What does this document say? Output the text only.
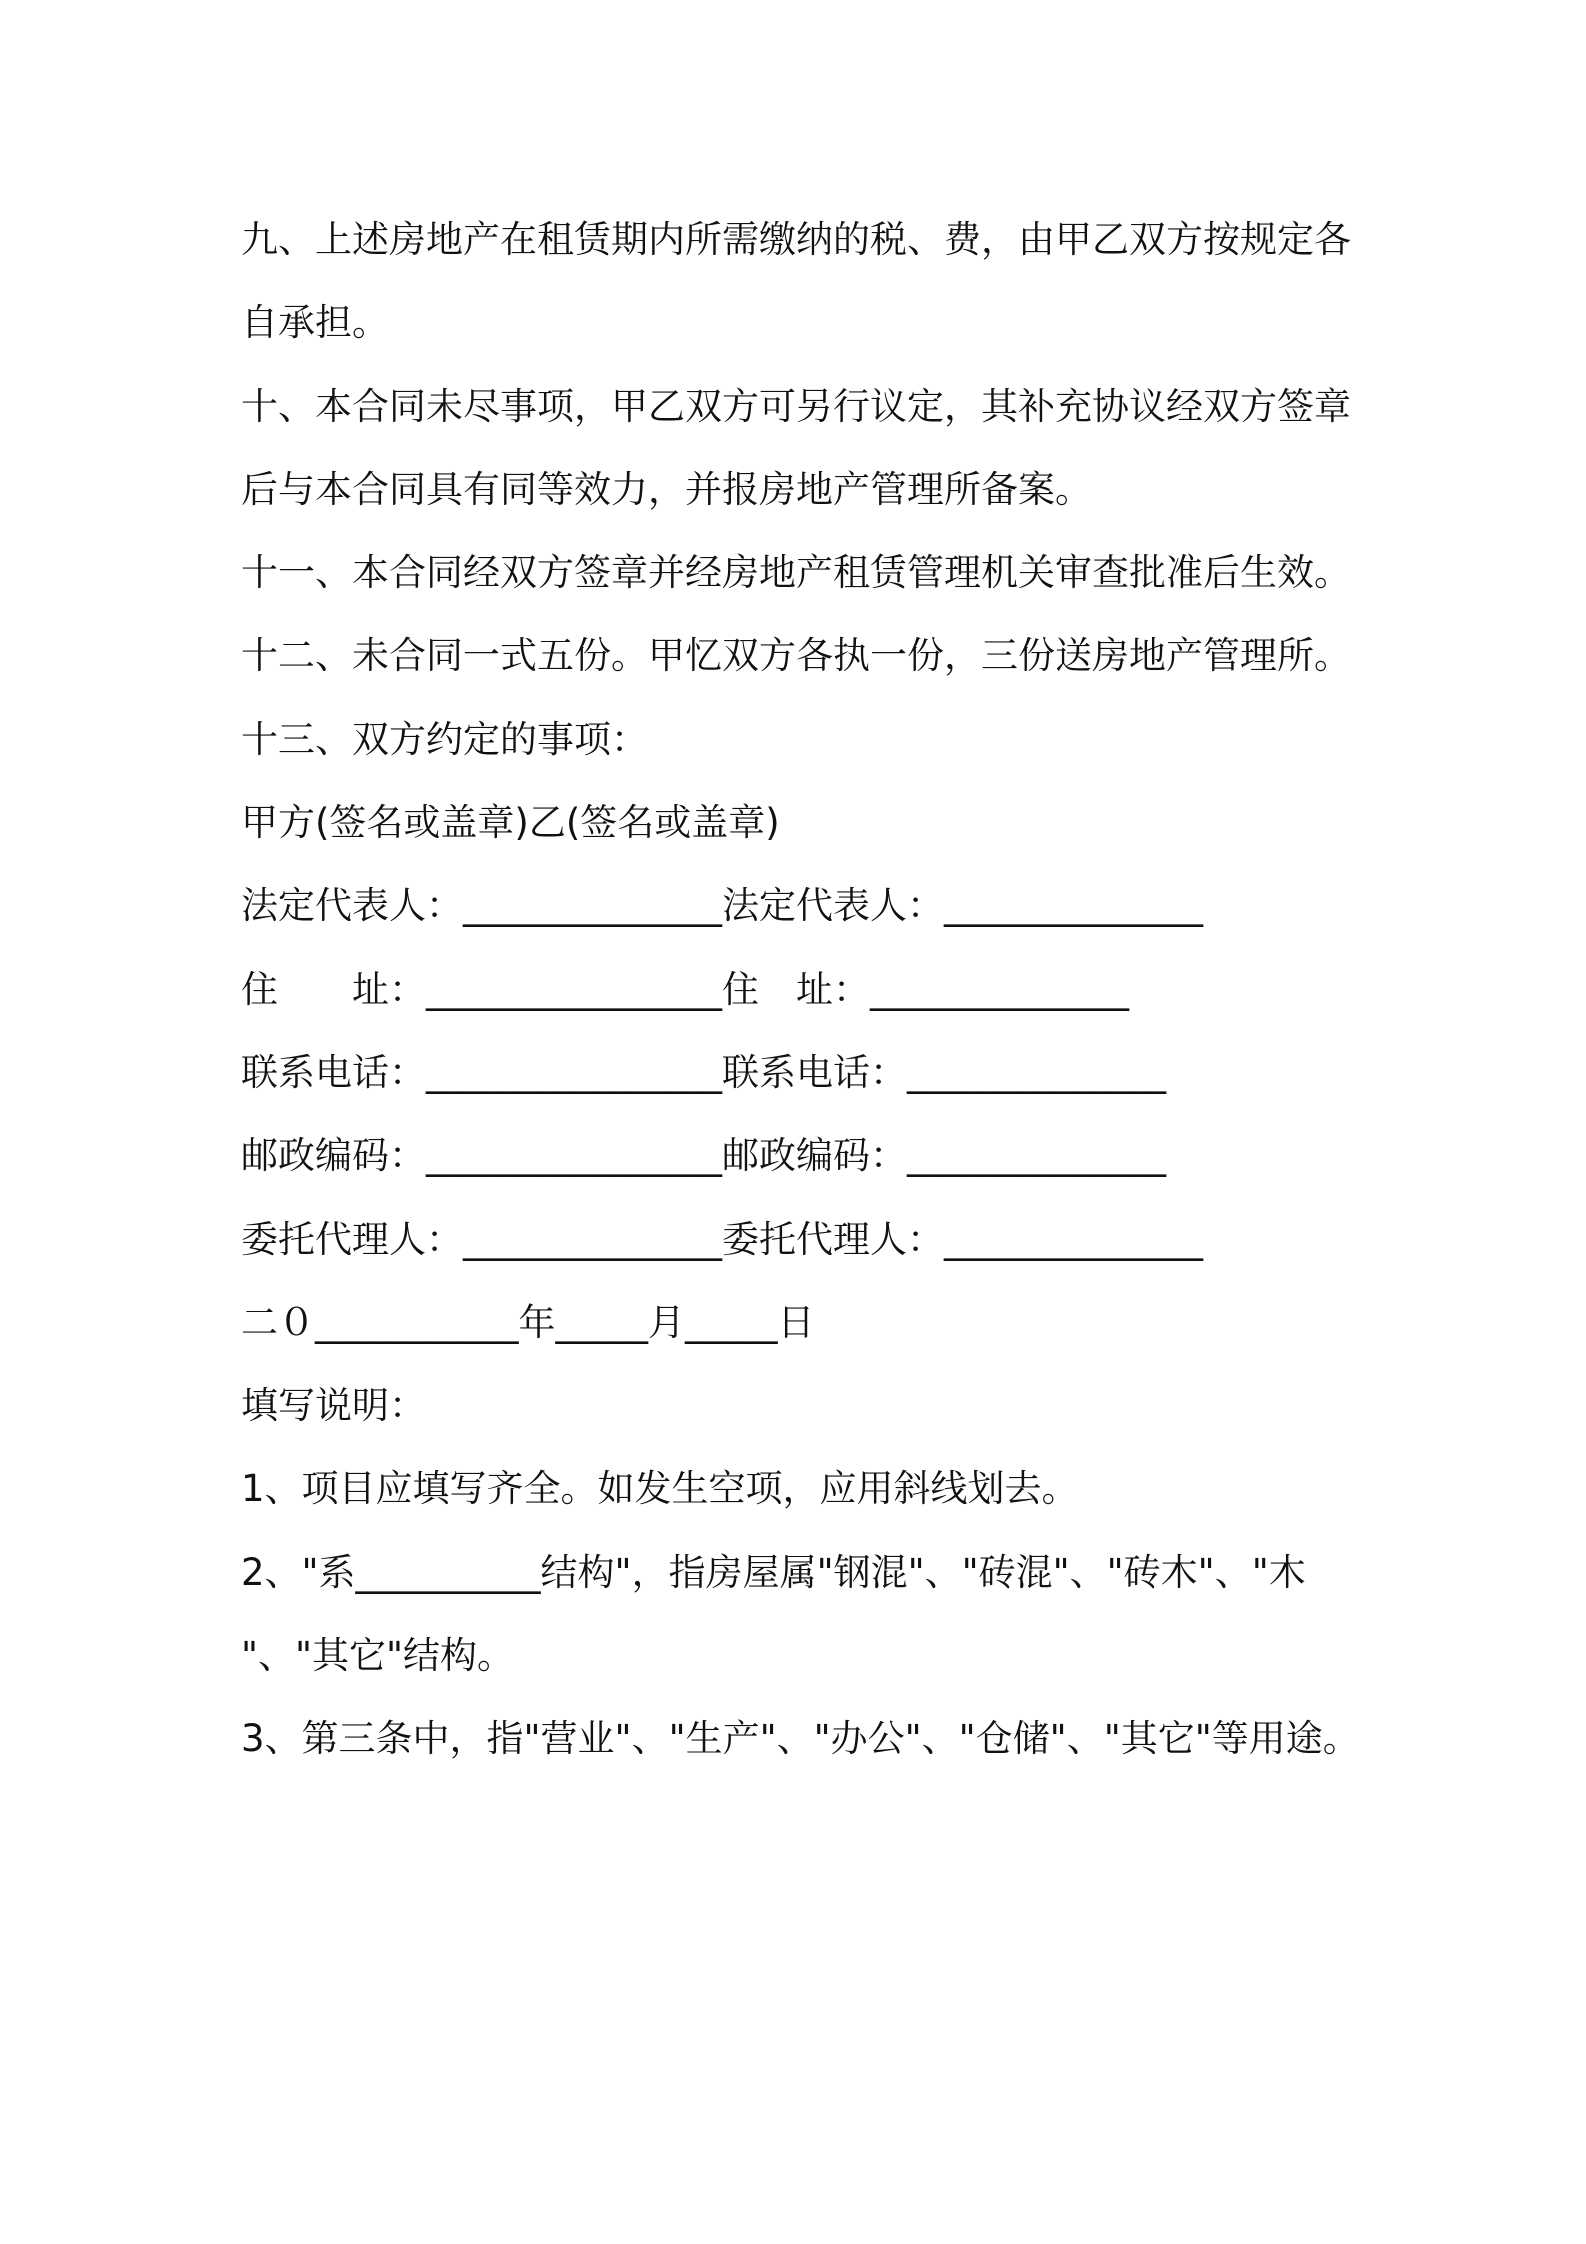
九、上述房地产在租赁期内所需缴纳的税、费，由甲乙双方按规定各
自承担。
十、本合同未尽事项，甲乙双方可另行议定，其补充协议经双方签章
后与本合同具有同等效力，并报房地产管理所备案。
十一、本合同经双方签章并经房地产租赁管理机关审查批准后生效。
十二、未合同一式五份。甲忆双方各执一份，三份送房地产管理所。
十三、双方约定的事项：
甲方(签名或盖章)乙(签名或盖章)
法定代表人：______________法定代表人：______________
住　　址：________________住　址：______________
联系电话：________________联系电话：______________
邮政编码：________________邮政编码：______________
委托代理人：______________委托代理人：______________
二０___________年_____月_____日
填写说明：
1、项目应填写齐全。如发生空项，应用斜线划去。
2、"系__________结构"，指房屋属"钢混"、"砖混"、"砖木"、"木
"、"其它"结构。
3、第三条中，指"营业"、"生产"、"办公"、"仓储"、"其它"等用途。
